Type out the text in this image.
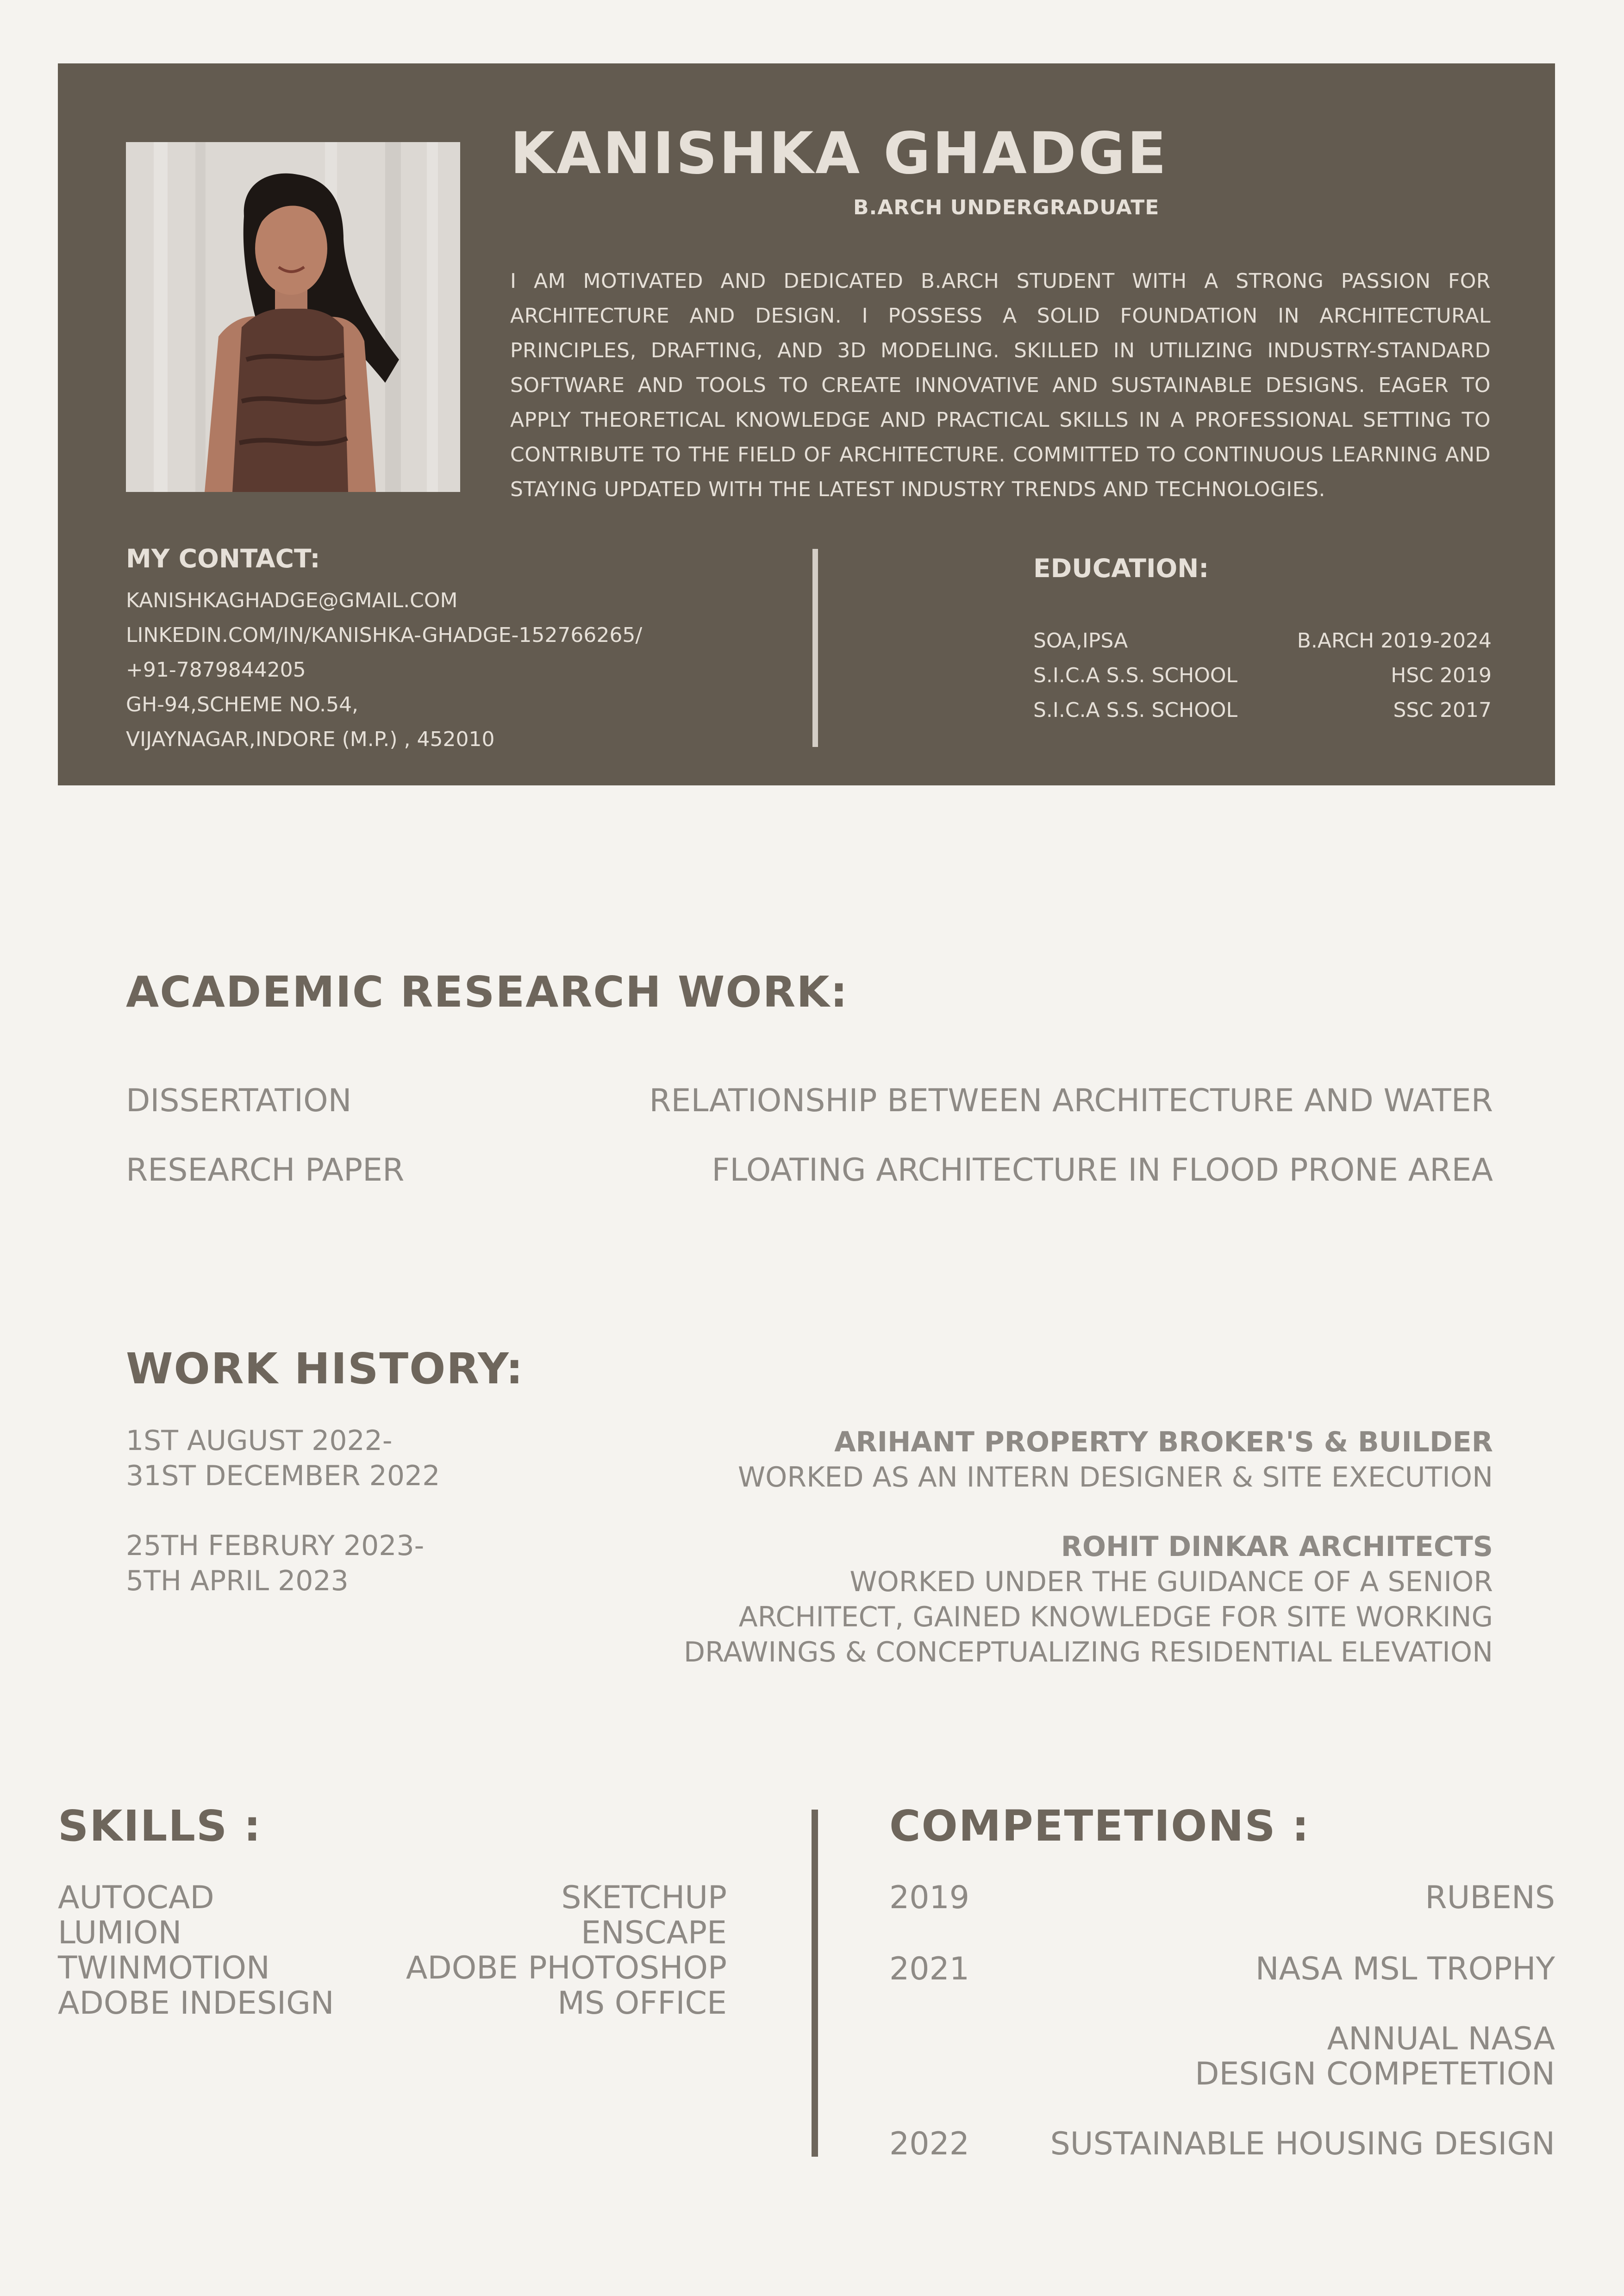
KANISHKA GHADGE
B.ARCH UNDERGRADUATE
I AM MOTIVATED AND DEDICATED B.ARCH STUDENT WITH A STRONG PASSION FOR ARCHITECTURE AND DESIGN. I POSSESS A SOLID FOUNDATION IN ARCHITECTURAL PRINCIPLES, DRAFTING, AND 3D MODELING. SKILLED IN UTILIZING INDUSTRY-STANDARD SOFTWARE AND TOOLS TO CREATE INNOVATIVE AND SUSTAINABLE DESIGNS. EAGER TO APPLY THEORETICAL KNOWLEDGE AND PRACTICAL SKILLS IN A PROFESSIONAL SETTING TO CONTRIBUTE TO THE FIELD OF ARCHITECTURE. COMMITTED TO CONTINUOUS LEARNING AND STAYING UPDATED WITH THE LATEST INDUSTRY TRENDS AND TECHNOLOGIES.
MY CONTACT:
KANISHKAGHADGE@GMAIL.COM
LINKEDIN.COM/IN/KANISHKA-GHADGE-152766265/
+91-7879844205
GH-94,SCHEME NO.54,
VIJAYNAGAR,INDORE (M.P.) , 452010
EDUCATION:
SOA,IPSA	B.ARCH 2019-2024
S.I.C.A S.S. SCHOOL	HSC 2019
S.I.C.A S.S. SCHOOL	SSC 2017
ACADEMIC RESEARCH WORK:
DISSERTATION	RELATIONSHIP BETWEEN ARCHITECTURE AND WATER
RESEARCH PAPER	FLOATING ARCHITECTURE IN FLOOD PRONE AREA
WORK HISTORY:
1ST AUGUST 2022-
31ST DECEMBER 2022
ARIHANT PROPERTY BROKER'S & BUILDER
WORKED AS AN INTERN DESIGNER & SITE EXECUTION
25TH FEBRURY 2023-
5TH APRIL 2023
ROHIT DINKAR ARCHITECTS
WORKED UNDER THE GUIDANCE OF A SENIOR
ARCHITECT, GAINED KNOWLEDGE FOR SITE WORKING
DRAWINGS & CONCEPTUALIZING RESIDENTIAL ELEVATION
SKILLS :
AUTOCAD
LUMION
TWINMOTION
ADOBE INDESIGN
SKETCHUP
ENSCAPE
ADOBE PHOTOSHOP
MS OFFICE
COMPETETIONS :
2019	RUBENS
2021	NASA MSL TROPHY
ANNUAL NASA
DESIGN COMPETETION
2022	SUSTAINABLE HOUSING DESIGN
